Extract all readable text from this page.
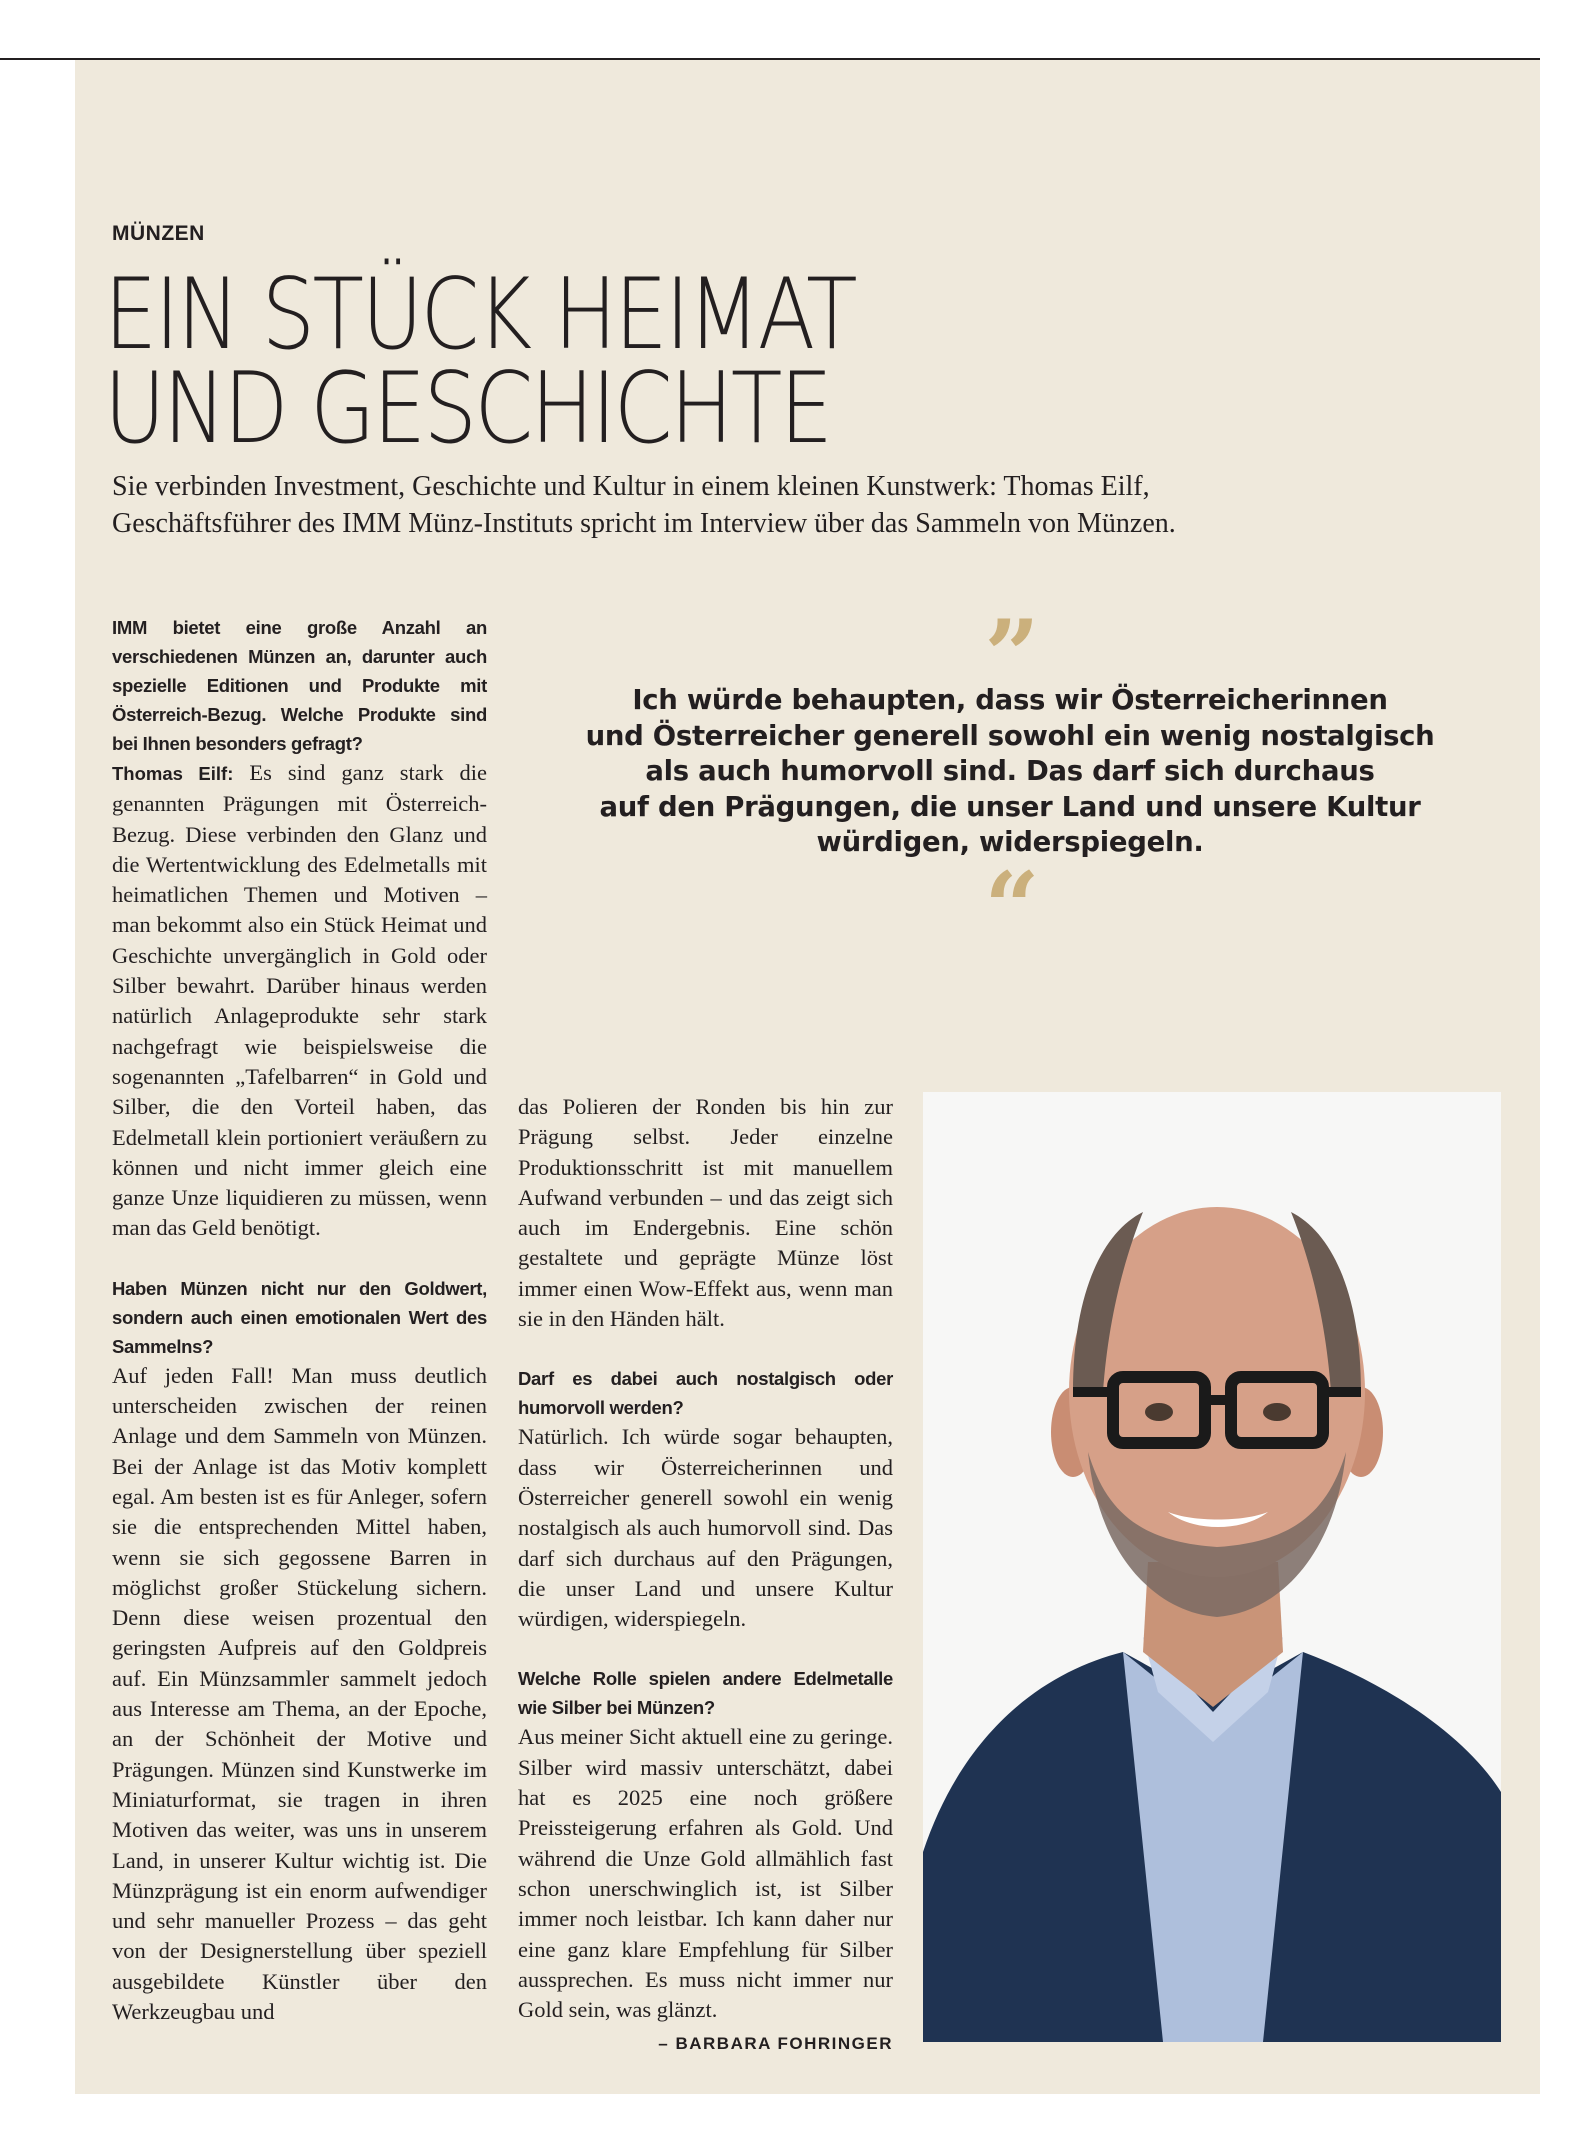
MÜNZEN
EIN STÜCK HEIMAT
UND GESCHICHTE
Sie verbinden Investment, Geschichte und Kultur in einem kleinen Kunstwerk: Thomas Eilf,
Geschäftsführer des IMM Münz-Instituts spricht im Interview über das Sammeln von Münzen.
IMM bietet eine große Anzahl an verschiedenen Münzen an, darunter auch spezielle Editionen und Produkte mit Österreich-Bezug. Welche Produkte sind bei Ihnen besonders gefragt?
Thomas Eilf: Es sind ganz stark die genannten Prägungen mit Österreich-Bezug. Diese verbinden den Glanz und die Wertentwicklung des Edelmetalls mit heimatlichen Themen und Motiven – man bekommt also ein Stück Heimat und Geschichte unvergänglich in Gold oder Silber bewahrt. Darüber hinaus werden natürlich Anlageprodukte sehr stark nachgefragt wie beispielsweise die sogenannten „Tafelbarren“ in Gold und Silber, die den Vorteil haben, das Edelmetall klein portioniert veräußern zu können und nicht immer gleich eine ganze Unze liquidieren zu müssen, wenn man das Geld benötigt.
Haben Münzen nicht nur den Goldwert, sondern auch einen emotionalen Wert des Sammelns?
Auf jeden Fall! Man muss deutlich unterscheiden zwischen der reinen Anlage und dem Sammeln von Münzen. Bei der Anlage ist das Motiv komplett egal. Am besten ist es für Anleger, sofern sie die entsprechenden Mittel haben, wenn sie sich gegossene Barren in möglichst großer Stückelung sichern. Denn diese weisen prozentual den geringsten Aufpreis auf den Goldpreis auf. Ein Münzsammler sammelt jedoch aus Interesse am Thema, an der Epoche, an der Schönheit der Motive und Prägungen. Münzen sind Kunstwerke im Miniaturformat, sie tragen in ihren Motiven das weiter, was uns in unserem Land, in unserer Kultur wichtig ist. Die Münzprägung ist ein enorm aufwendiger und sehr manueller Prozess – das geht von der Designerstellung über speziell ausgebildete Künstler über den Werkzeugbau und
”
Ich würde behaupten, dass wir Österreicherinnen
und Österreicher generell sowohl ein wenig nostalgisch
als auch humorvoll sind. Das darf sich durchaus
auf den Prägungen, die unser Land und unsere Kultur
würdigen, widerspiegeln.
“
das Polieren der Ronden bis hin zur Prägung selbst. Jeder einzelne Produktionsschritt ist mit manuellem Aufwand verbunden – und das zeigt sich auch im Endergebnis. Eine schön gestaltete und geprägte Münze löst immer einen Wow-Effekt aus, wenn man sie in den Händen hält.
Darf es dabei auch nostalgisch oder humorvoll werden?
Natürlich. Ich würde sogar behaupten, dass wir Österreicherinnen und Österreicher generell sowohl ein wenig nostalgisch als auch humorvoll sind. Das darf sich durchaus auf den Prägungen, die unser Land und unsere Kultur würdigen, widerspiegeln.
Welche Rolle spielen andere Edelmetalle wie Silber bei Münzen?
Aus meiner Sicht aktuell eine zu geringe. Silber wird massiv unterschätzt, dabei hat es 2025 eine noch größere Preissteigerung erfahren als Gold. Und während die Unze Gold allmählich fast schon unerschwinglich ist, ist Silber immer noch leistbar. Ich kann daher nur eine ganz klare Empfehlung für Silber aussprechen. Es muss nicht immer nur Gold sein, was glänzt.
– BARBARA FOHRINGER
